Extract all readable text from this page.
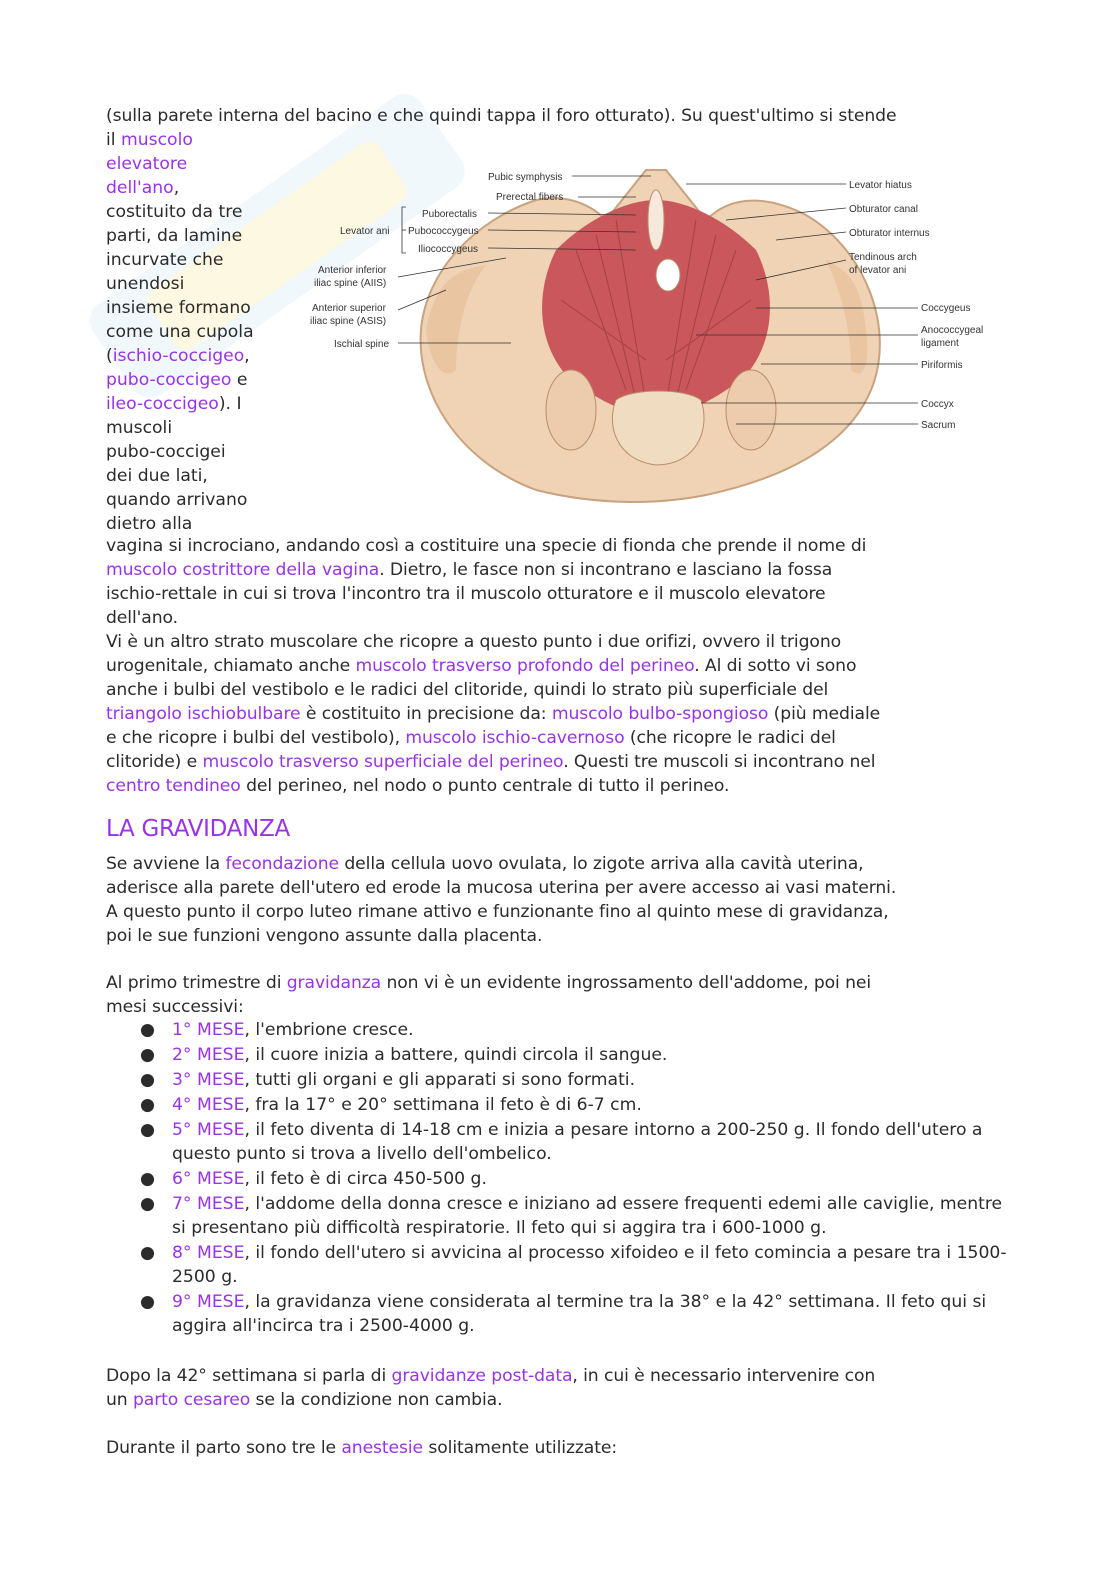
(sulla parete interna del bacino e che quindi tappa il foro otturato). Su quest'ultimo si stende
il muscolo
elevatore
dell'ano,
costituito da tre
parti, da lamine
incurvate che
unendosi
insieme formano
come una cupola
(ischio-coccigeo,
pubo-coccigeo e
ileo-coccigeo). I
muscoli
pubo-coccigei
dei due lati,
quando arrivano
dietro alla
Pubic symphysis
Prerectal fibers
Puborectalis
Levator ani Pubococcygeus
Iliococcygeus
Anterior inferior
iliac spine (AIIS)
Anterior superior
iliac spine (ASIS)
Ischial spine
Levator hiatus
Obturator canal
Obturator internus
Tendinous arch
of levator ani
Coccygeus
Anococcygeal
ligament
Piriformis
Coccyx
Sacrum
vagina si incrociano, andando così a costituire una specie di fionda che prende il nome di
muscolo costrittore della vagina. Dietro, le fasce non si incontrano e lasciano la fossa
ischio-rettale in cui si trova l'incontro tra il muscolo otturatore e il muscolo elevatore
dell'ano.
Vi è un altro strato muscolare che ricopre a questo punto i due orifizi, ovvero il trigono
urogenitale, chiamato anche muscolo trasverso profondo del perineo. Al di sotto vi sono
anche i bulbi del vestibolo e le radici del clitoride, quindi lo strato più superficiale del
triangolo ischiobulbare è costituito in precisione da: muscolo bulbo-spongioso (più mediale
e che ricopre i bulbi del vestibolo), muscolo ischio-cavernoso (che ricopre le radici del
clitoride) e muscolo trasverso superficiale del perineo. Questi tre muscoli si incontrano nel
centro tendineo del perineo, nel nodo o punto centrale di tutto il perineo.
LA GRAVIDANZA
Se avviene la fecondazione della cellula uovo ovulata, lo zigote arriva alla cavità uterina,
aderisce alla parete dell'utero ed erode la mucosa uterina per avere accesso ai vasi materni.
A questo punto il corpo luteo rimane attivo e funzionante fino al quinto mese di gravidanza,
poi le sue funzioni vengono assunte dalla placenta.
Al primo trimestre di gravidanza non vi è un evidente ingrossamento dell'addome, poi nei
mesi successivi:
● 1° MESE, l'embrione cresce.
● 2° MESE, il cuore inizia a battere, quindi circola il sangue.
● 3° MESE, tutti gli organi e gli apparati si sono formati.
● 4° MESE, fra la 17° e 20° settimana il feto è di 6-7 cm.
● 5° MESE, il feto diventa di 14-18 cm e inizia a pesare intorno a 200-250 g. Il fondo dell'utero a questo punto si trova a livello dell'ombelico.
● 6° MESE, il feto è di circa 450-500 g.
● 7° MESE, l'addome della donna cresce e iniziano ad essere frequenti edemi alle caviglie, mentre si presentano più difficoltà respiratorie. Il feto qui si aggira tra i 600-1000 g.
● 8° MESE, il fondo dell'utero si avvicina al processo xifoideo e il feto comincia a pesare tra i 1500-2500 g.
● 9° MESE, la gravidanza viene considerata al termine tra la 38° e la 42° settimana. Il feto qui si aggira all'incirca tra i 2500-4000 g.
Dopo la 42° settimana si parla di gravidanze post-data, in cui è necessario intervenire con
un parto cesareo se la condizione non cambia.
Durante il parto sono tre le anestesie solitamente utilizzate:
